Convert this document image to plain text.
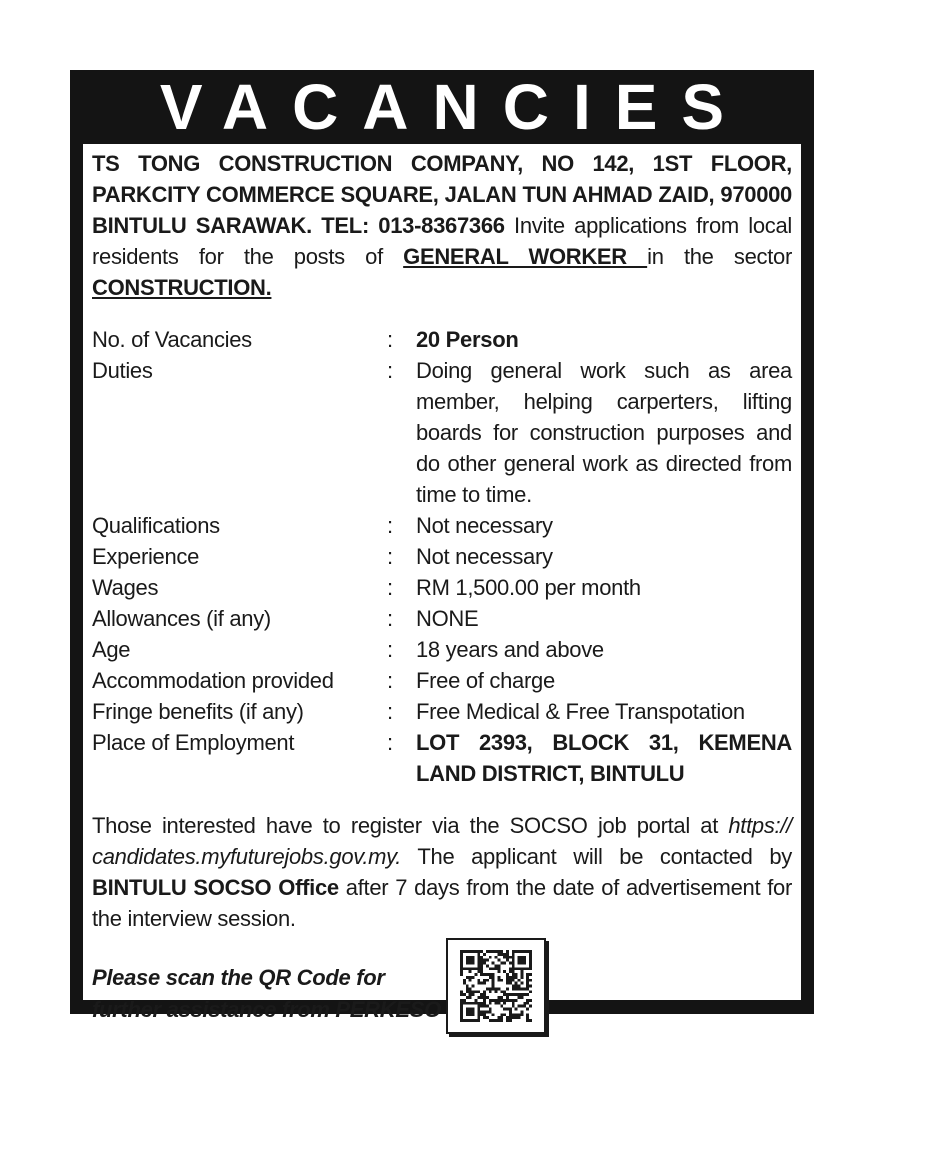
VACANCIES

TS TONG CONSTRUCTION COMPANY, NO 142, 1ST FLOOR, PARKCITY COMMERCE SQUARE, JALAN TUN AHMAD ZAID, 970000 BINTULU SARAWAK. TEL: 013-8367366 Invite applications from local residents for the posts of GENERAL WORKER in the sector CONSTRUCTION.

No. of Vacancies	:	20 Person
Duties	:	Doing general work such as area member, helping carperters, lifting boards for construction purposes and do other general work as directed from time to time.
Qualifications	:	Not necessary
Experience	:	Not necessary
Wages	:	RM 1,500.00 per month
Allowances (if any)	:	NONE
Age	:	18 years and above
Accommodation provided	:	Free of charge
Fringe benefits (if any)	:	Free Medical & Free Transpotation
Place of Employment	:	LOT 2393, BLOCK 31, KEMENA LAND DISTRICT, BINTULU

Those interested have to register via the SOCSO job portal at https:// candidates.myfuturejobs.gov.my. The applicant will be contacted by BINTULU SOCSO Office after 7 days from the date of advertisement for the interview session.

Please scan the QR Code for further assistance from PERKESO
